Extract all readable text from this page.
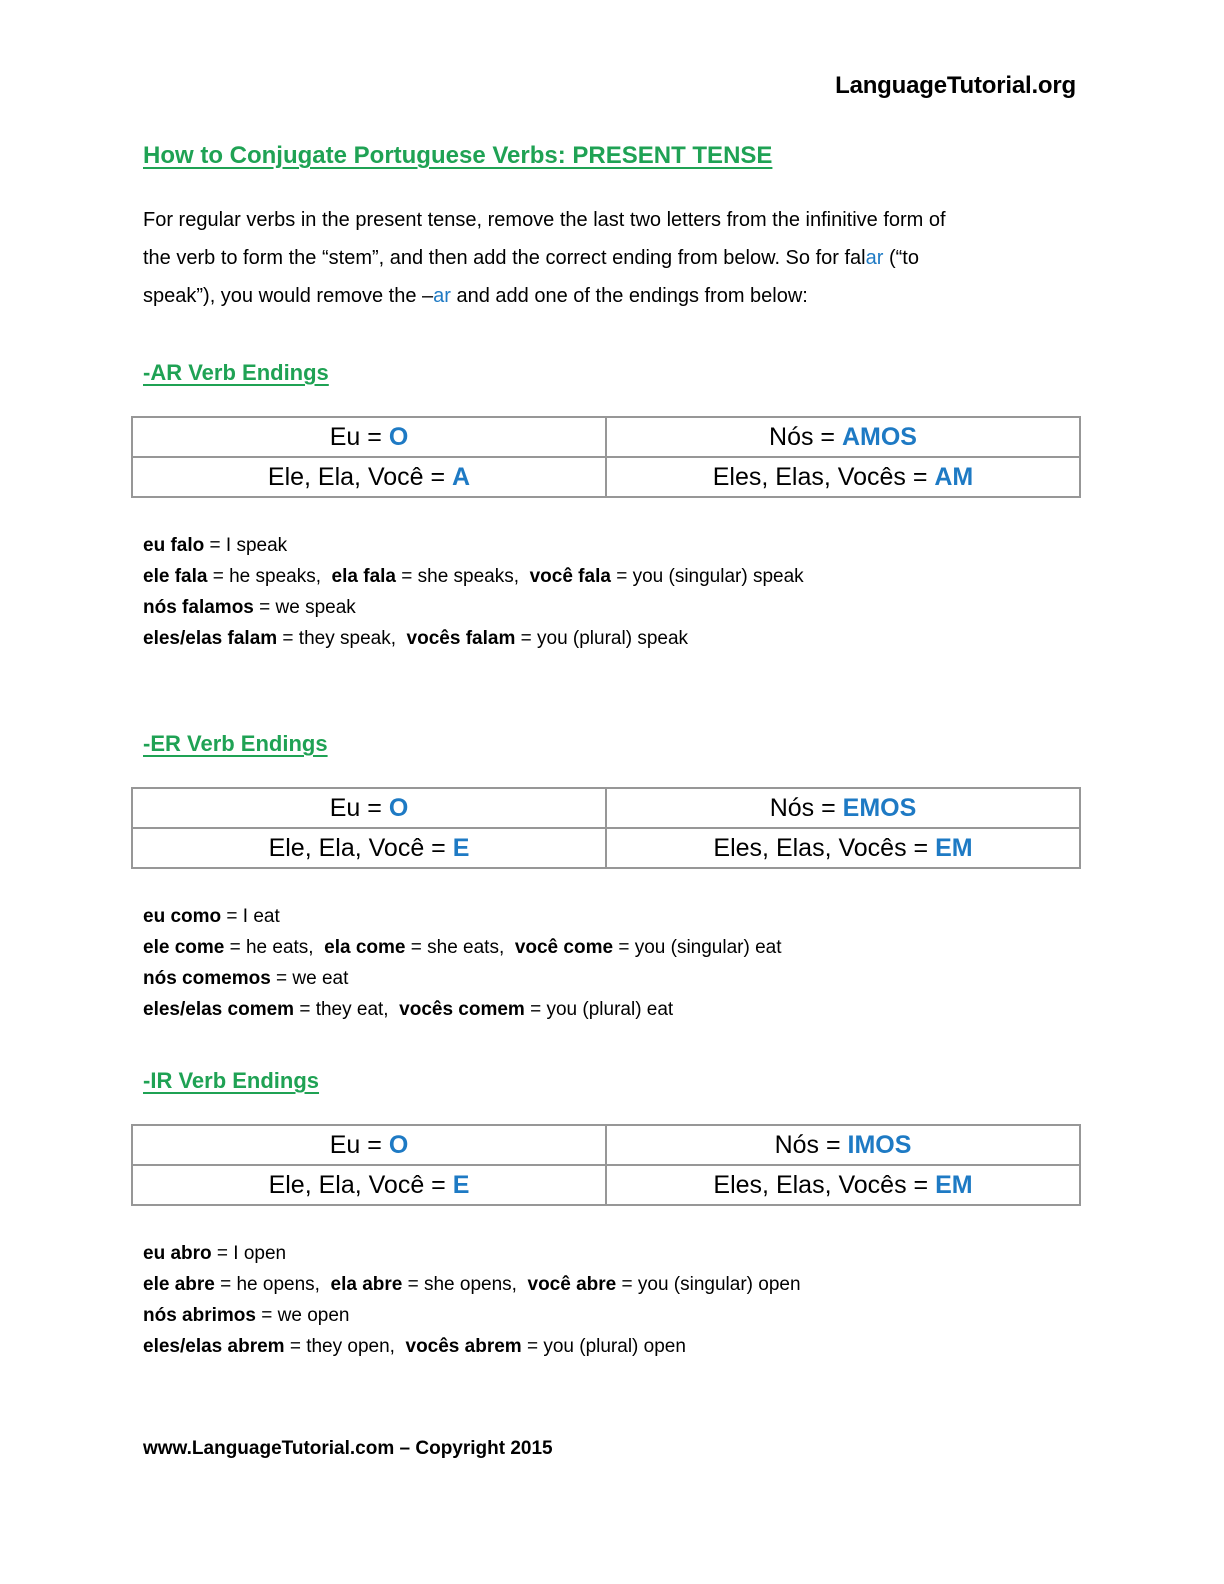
LanguageTutorial.org
How to Conjugate Portuguese Verbs: PRESENT TENSE
For regular verbs in the present tense, remove the last two letters from the infinitive form of
the verb to form the “stem”, and then add the correct ending from below. So for falar (“to
speak”), you would remove the –ar and add one of the endings from below:
-AR Verb Endings
Eu = O	Nós = AMOS
Ele, Ela, Você = A	Eles, Elas, Vocês = AM
eu falo = I speak
ele fala = he speaks,  ela fala = she speaks,  você fala = you (singular) speak
nós falamos = we speak
eles/elas falam = they speak,  vocês falam = you (plural) speak
-ER Verb Endings
Eu = O	Nós = EMOS
Ele, Ela, Você = E	Eles, Elas, Vocês = EM
eu como = I eat
ele come = he eats,  ela come = she eats,  você come = you (singular) eat
nós comemos = we eat
eles/elas comem = they eat,  vocês comem = you (plural) eat
-IR Verb Endings
Eu = O	Nós = IMOS
Ele, Ela, Você = E	Eles, Elas, Vocês = EM
eu abro = I open
ele abre = he opens,  ela abre = she opens,  você abre = you (singular) open
nós abrimos = we open
eles/elas abrem = they open,  vocês abrem = you (plural) open
www.LanguageTutorial.com – Copyright 2015
